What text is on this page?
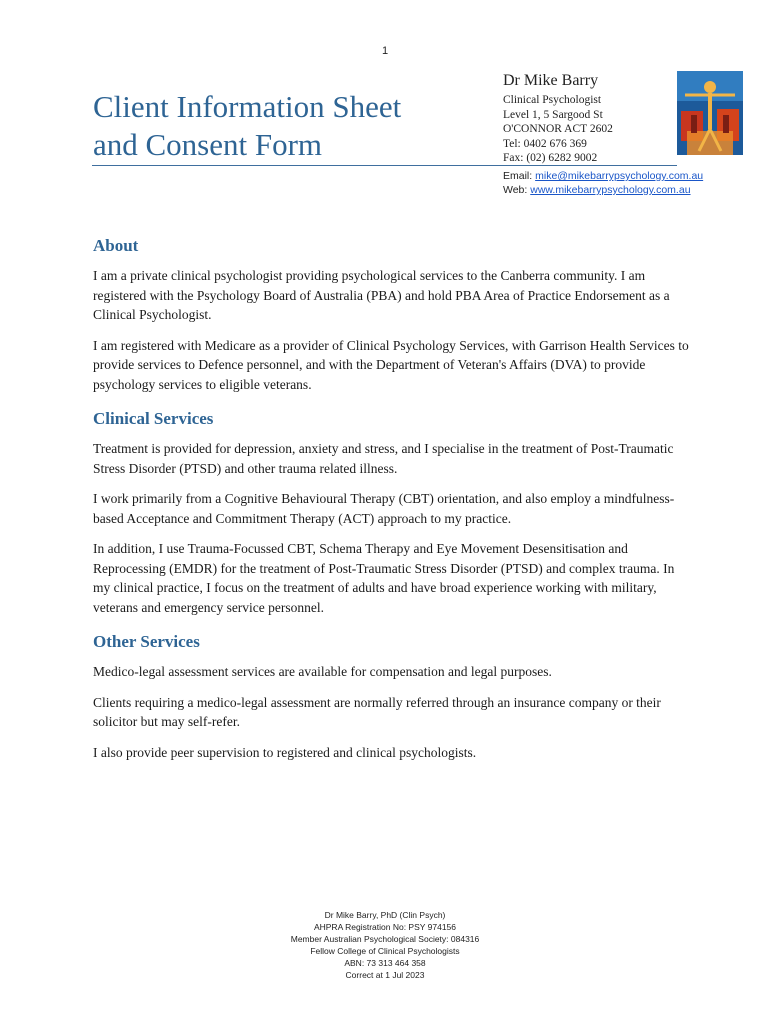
1
Client Information Sheet
and Consent Form
Dr Mike Barry
Clinical Psychologist
Level 1, 5 Sargood St
O'CONNOR ACT 2602
Tel: 0402 676 369
Fax: (02) 6282 9002
Email: mike@mikebarrypsychology.com.au
Web: www.mikebarrypsychology.com.au
About

I am a private clinical psychologist providing psychological services to the Canberra community. I am registered with the Psychology Board of Australia (PBA) and hold PBA Area of Practice Endorsement as a Clinical Psychologist.

I am registered with Medicare as a provider of Clinical Psychology Services, with Garrison Health Services to provide services to Defence personnel, and with the Department of Veteran's Affairs (DVA) to provide psychology services to eligible veterans.

Clinical Services

Treatment is provided for depression, anxiety and stress, and I specialise in the treatment of Post-Traumatic Stress Disorder (PTSD) and other trauma related illness.

I work primarily from a Cognitive Behavioural Therapy (CBT) orientation, and also employ a mindfulness-based Acceptance and Commitment Therapy (ACT) approach to my practice.

In addition, I use Trauma-Focussed CBT, Schema Therapy and Eye Movement Desensitisation and Reprocessing (EMDR) for the treatment of Post-Traumatic Stress Disorder (PTSD) and complex trauma. In my clinical practice, I focus on the treatment of adults and have broad experience working with military, veterans and emergency service personnel.

Other Services

Medico-legal assessment services are available for compensation and legal purposes.

Clients requiring a medico-legal assessment are normally referred through an insurance company or their solicitor but may self-refer.

I also provide peer supervision to registered and clinical psychologists.

Dr Mike Barry, PhD (Clin Psych)
AHPRA Registration No: PSY 974156
Member Australian Psychological Society: 084316
Fellow College of Clinical Psychologists
ABN: 73 313 464 358
Correct at 1 Jul 2023
